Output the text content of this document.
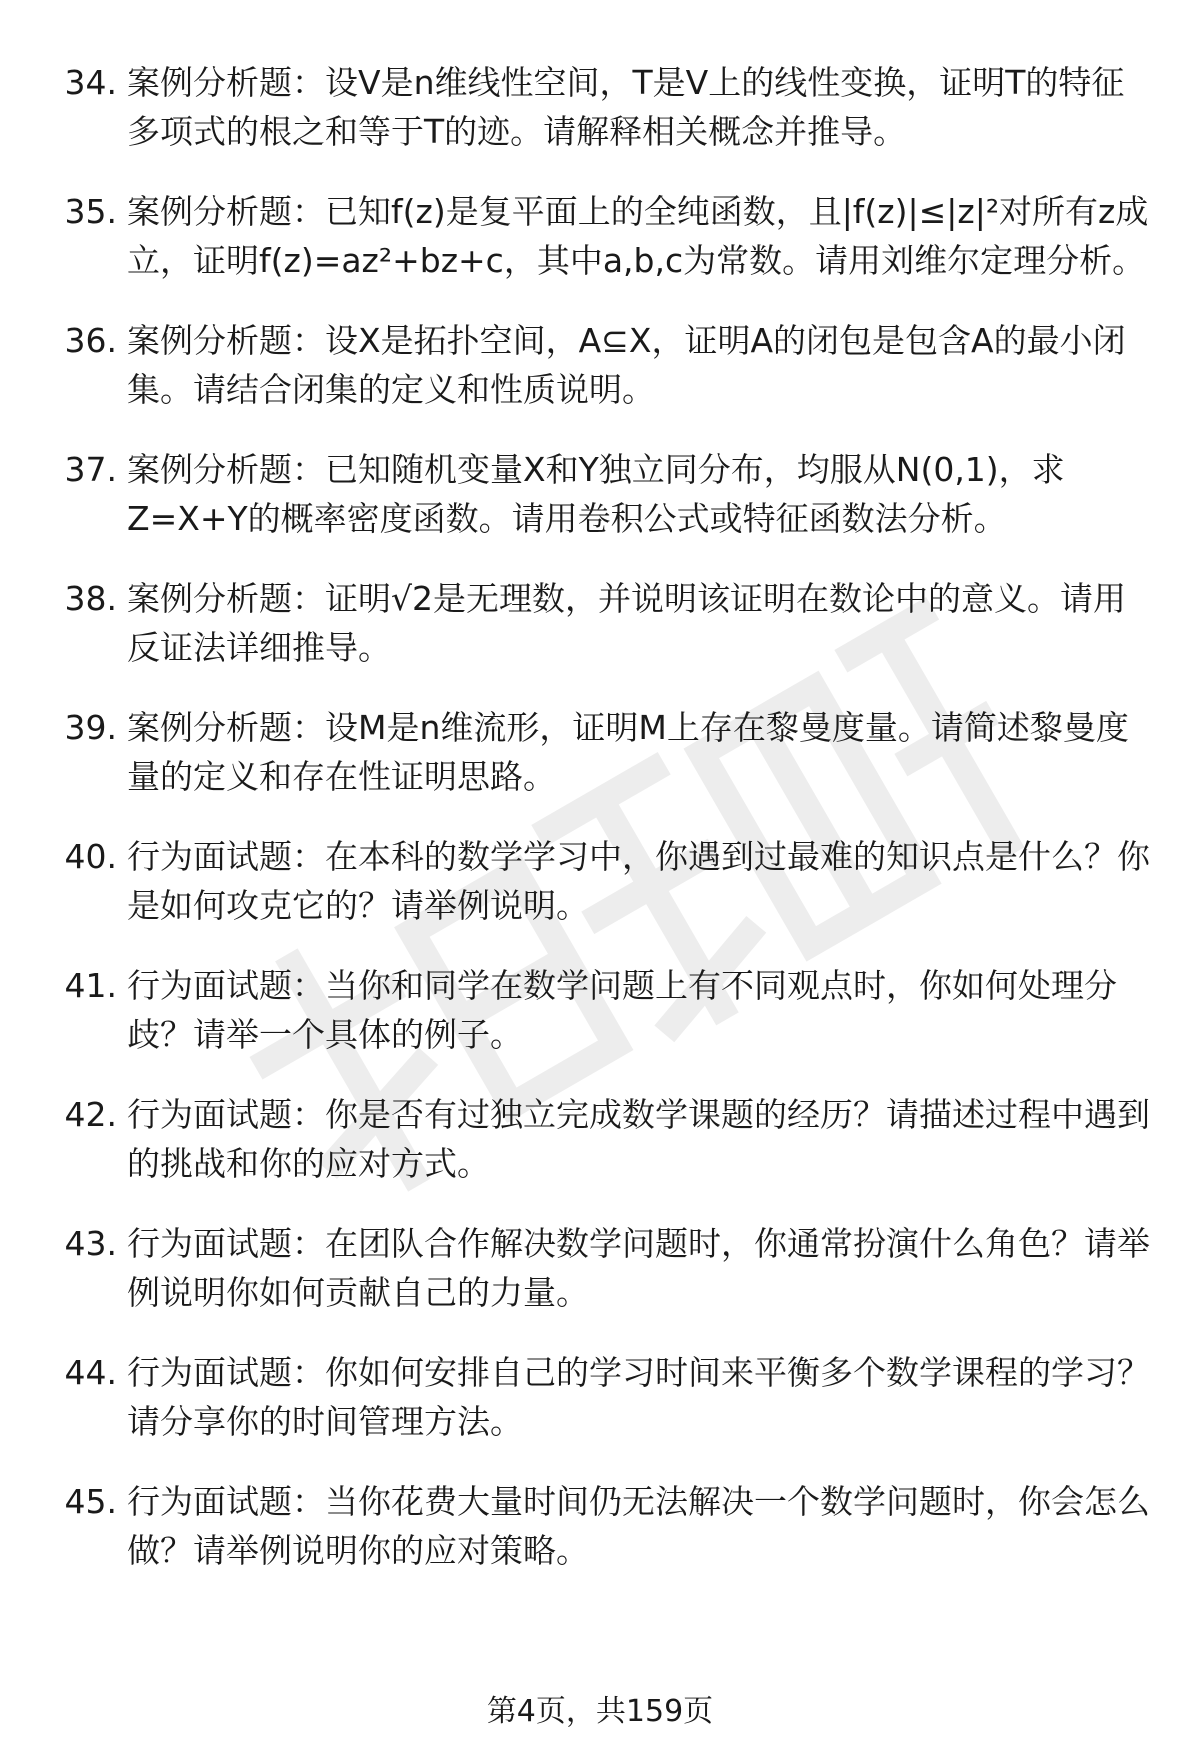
34. 案例分析题：设V是n维线性空间，T是V上的线性变换，证明T的特征多项式的根之和等于T的迹。请解释相关概念并推导。
35. 案例分析题：已知f(z)是复平面上的全纯函数，且|f(z)|≤|z|²对所有z成立，证明f(z)=az²+bz+c，其中a,b,c为常数。请用刘维尔定理分析。
36. 案例分析题：设X是拓扑空间，A⊆X，证明A的闭包是包含A的最小闭集。请结合闭集的定义和性质说明。
37. 案例分析题：已知随机变量X和Y独立同分布，均服从N(0,1)，求Z=X+Y的概率密度函数。请用卷积公式或特征函数法分析。
38. 案例分析题：证明√2是无理数，并说明该证明在数论中的意义。请用反证法详细推导。
39. 案例分析题：设M是n维流形，证明M上存在黎曼度量。请简述黎曼度量的定义和存在性证明思路。
40. 行为面试题：在本科的数学学习中，你遇到过最难的知识点是什么？你是如何攻克它的？请举例说明。
41. 行为面试题：当你和同学在数学问题上有不同观点时，你如何处理分歧？请举一个具体的例子。
42. 行为面试题：你是否有过独立完成数学课题的经历？请描述过程中遇到的挑战和你的应对方式。
43. 行为面试题：在团队合作解决数学问题时，你通常扮演什么角色？请举例说明你如何贡献自己的力量。
44. 行为面试题：你如何安排自己的学习时间来平衡多个数学课程的学习？请分享你的时间管理方法。
45. 行为面试题：当你花费大量时间仍无法解决一个数学问题时，你会怎么做？请举例说明你的应对策略。
第4页，共159页
